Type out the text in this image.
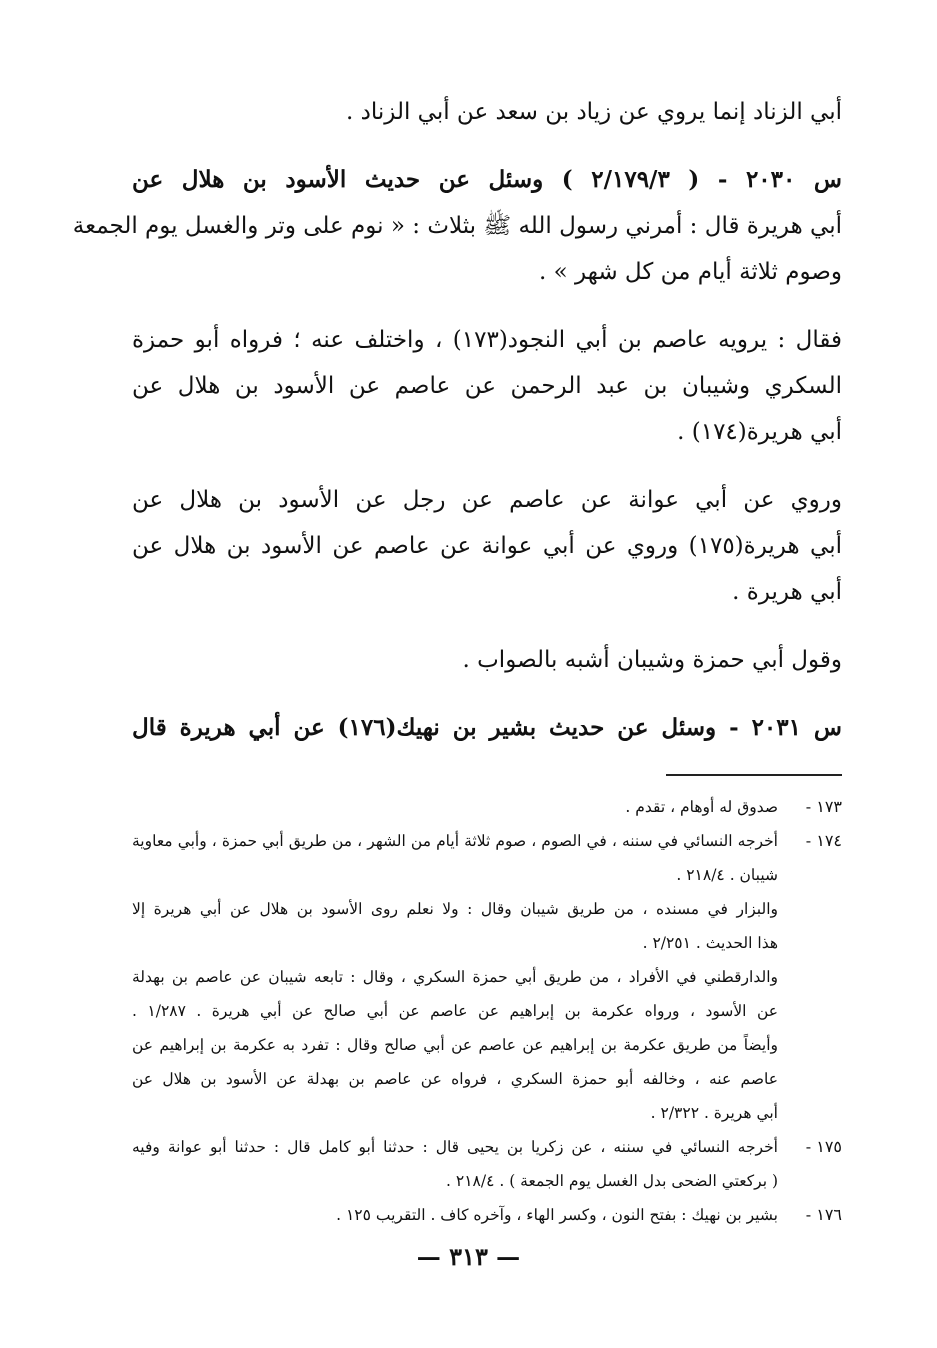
أبي الزناد إنما يروي عن زياد بن سعد عن أبي الزناد .
س ٢٠٣٠ - ( ٢/١٧٩/٣ ) وسئل عن حديث الأسود بن هلال عن
أبي هريرة قال : أمرني رسول الله ﷺ بثلاث : « نوم على وتر والغسل يوم الجمعة
وصوم ثلاثة أيام من كل شهر » .
فقال : يرويه عاصم بن أبي النجود(١٧٣) ، واختلف عنه ؛ فرواه أبو حمزة
السكري وشيبان بن عبد الرحمن عن عاصم عن الأسود بن هلال عن
أبي هريرة(١٧٤) .
وروي عن أبي عوانة عن عاصم عن رجل عن الأسود بن هلال عن
أبي هريرة(١٧٥) وروي عن أبي عوانة عن عاصم عن الأسود بن هلال عن
أبي هريرة .
وقول أبي حمزة وشيبان أشبه بالصواب .
س ٢٠٣١ - وسئل عن حديث بشير بن نهيك(١٧٦) عن أبي هريرة قال
١٧٣ -
صدوق له أوهام ، تقدم .
١٧٤ -
أخرجه النسائي في سننه ، في الصوم ، صوم ثلاثة أيام من الشهر ، من طريق أبي حمزة ، وأبي معاوية
شيبان . ٢١٨/٤ .
والبزار في مسنده ، من طريق شيبان وقال : ولا نعلم روى الأسود بن هلال عن أبي هريرة إلا
هذا الحديث . ٢/٢٥١ .
والدارقطني في الأفراد ، من طريق أبي حمزة السكري ، وقال : تابعه شيبان عن عاصم بن بهدلة
عن الأسود ، ورواه عكرمة بن إبراهيم عن عاصم عن أبي صالح عن أبي هريرة . ١/٢٨٧ .
وأيضاً من طريق عكرمة بن إبراهيم عن عاصم عن أبي صالح وقال : تفرد به عكرمة بن إبراهيم عن
عاصم عنه ، وخالفه أبو حمزة السكري ، فرواه عن عاصم بن بهدلة عن الأسود بن هلال عن
أبي هريرة . ٢/٣٢٢ .
١٧٥ -
أخرجه النسائي في سننه ، عن زكريا بن يحيى قال : حدثنا أبو كامل قال : حدثنا أبو عوانة وفيه
( بركعتي الضحى بدل الغسل يوم الجمعة ) . ٢١٨/٤ .
١٧٦ -
بشير بن نهيك : بفتح النون ، وكسر الهاء ، وآخره كاف . التقريب ١٢٥ .
— ٣١٣ —
